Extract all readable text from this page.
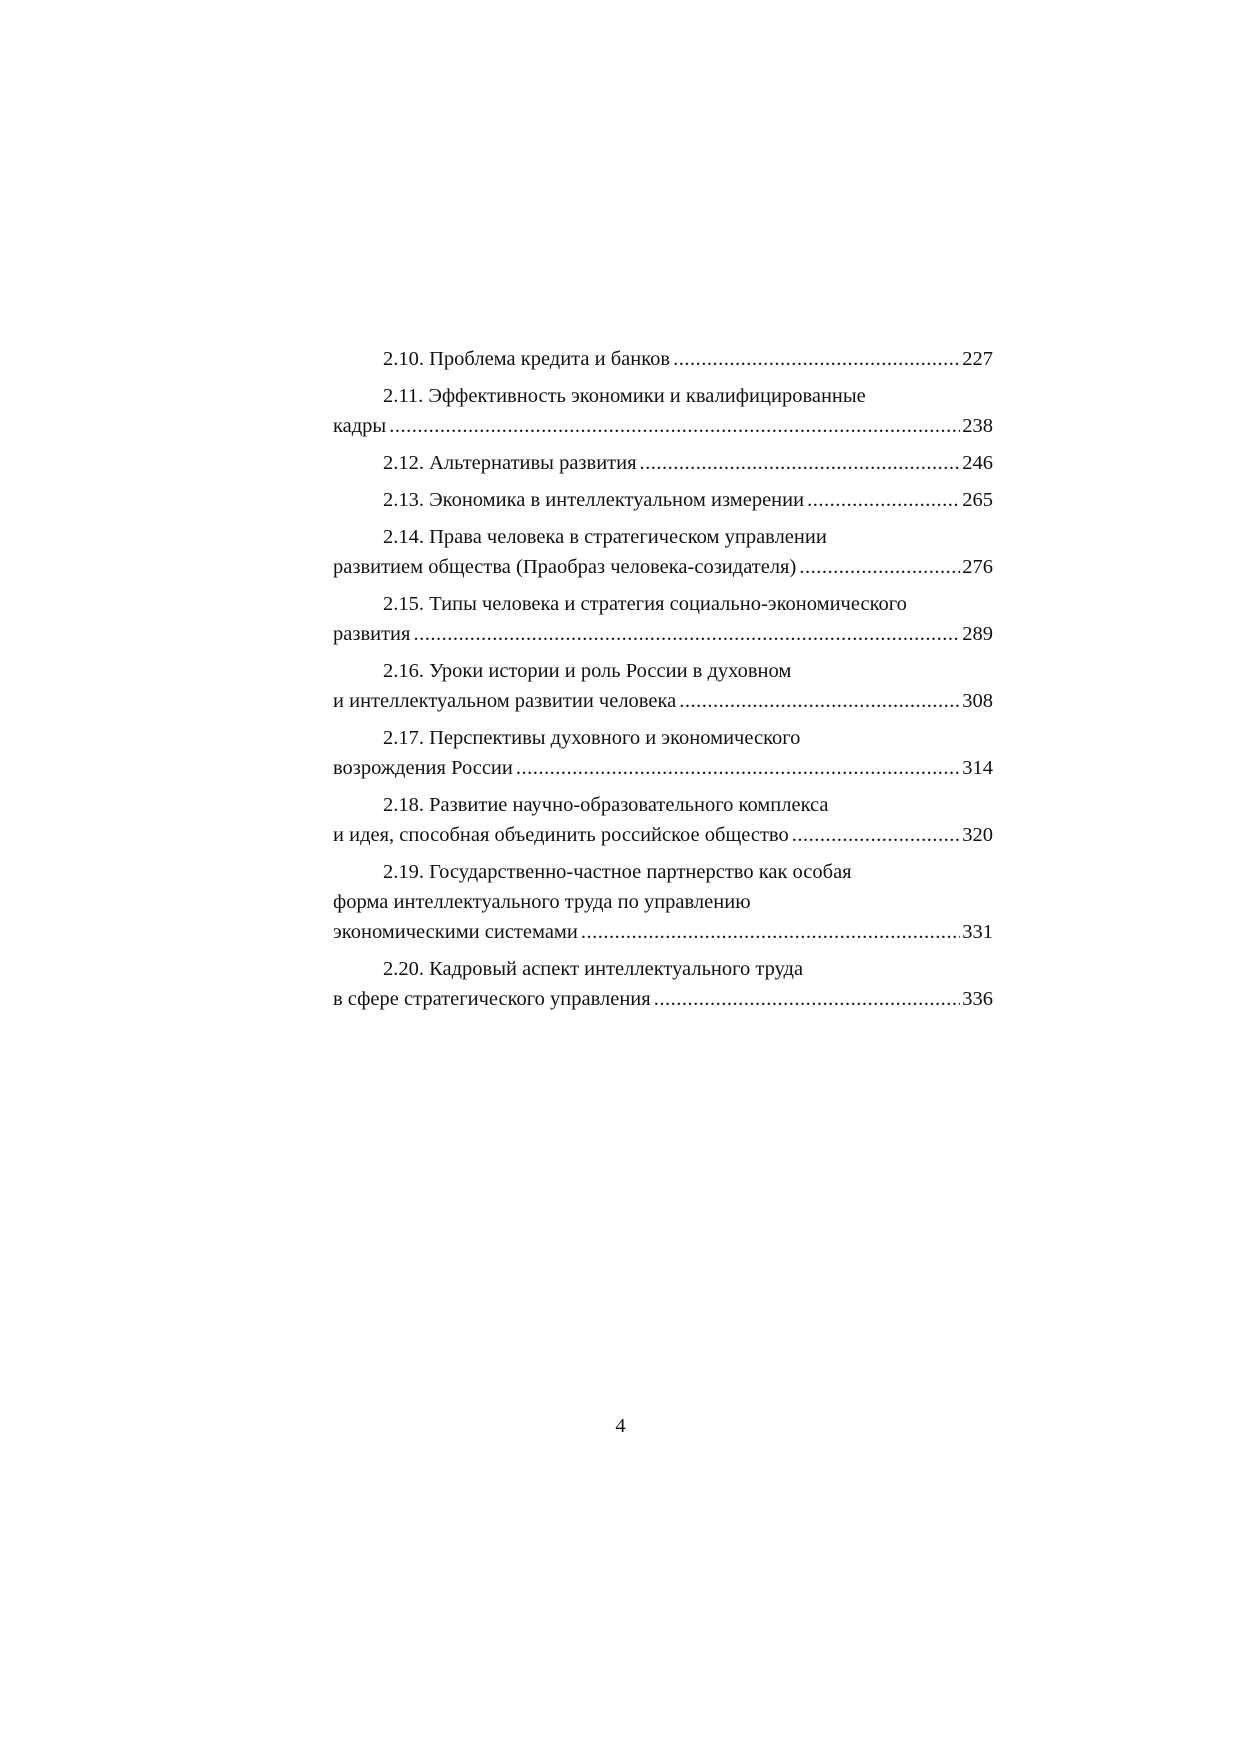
2.10. Проблема кредита и банков .....	227
2.11. Эффективность экономики и квалифицированные
кадры .....	238
2.12. Альтернативы развития .....	246
2.13. Экономика в интеллектуальном измерении .....	265
2.14. Права человека в стратегическом управлении
развитием общества (Праобраз человека-созидателя) .....	276
2.15. Типы человека и стратегия социально-экономического
развития .....	289
2.16. Уроки истории и роль России в духовном
и интеллектуальном развитии человека .....	308
2.17. Перспективы духовного и экономического
возрождения России .....	314
2.18. Развитие научно-образовательного комплекса
и идея, способная объединить российское общество .....	320
2.19. Государственно-частное партнерство как особая
форма интеллектуального труда по управлению
экономическими системами .....	331
2.20. Кадровый аспект интеллектуального труда
в сфере стратегического управления .....	336
4
